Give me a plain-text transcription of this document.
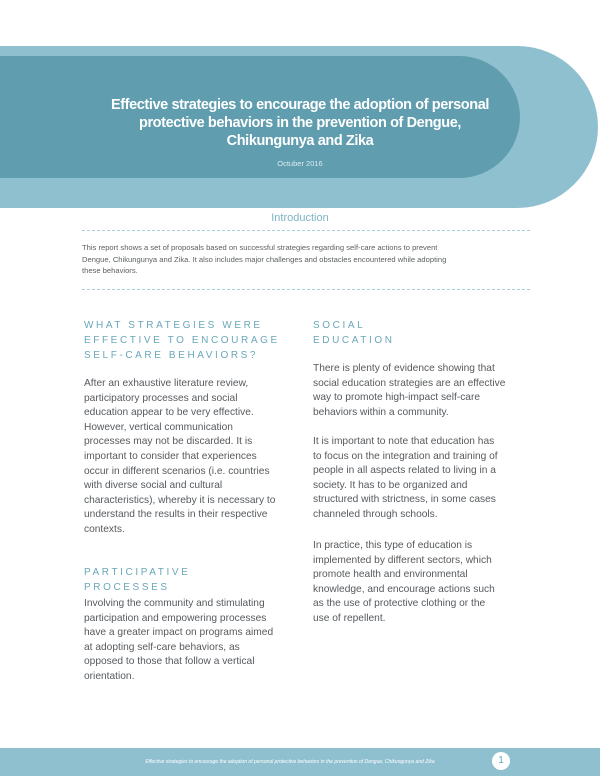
Effective strategies to encourage the adoption of personal
protective behaviors in the prevention of Dengue,
Chikungunya and Zika
Octuber 2016
Introduction
This report shows a set of proposals based on successful strategies regarding self-care actions to prevent
Dengue, Chikungunya and Zika. It also includes major challenges and obstacles encountered while adopting
these behaviors.
WHAT STRATEGIES WERE
EFFECTIVE TO ENCOURAGE
SELF-CARE BEHAVIORS?
After an exhaustive literature review,
participatory processes and social
education appear to be very effective.
However, vertical communication
processes may not be discarded. It is
important to consider that experiences
occur in different scenarios (i.e. countries
with diverse social and cultural
characteristics), whereby it is necessary to
understand the results in their respective
contexts.
PARTICIPATIVE
PROCESSES
Involving the community and stimulating
participation and empowering processes
have a greater impact on programs aimed
at adopting self-care behaviors, as
opposed to those that follow a vertical
orientation.
SOCIAL
EDUCATION
There is plenty of evidence showing that
social education strategies are an effective
way to promote high-impact self-care
behaviors within a community.
It is important to note that education has
to focus on the integration and training of
people in all aspects related to living in a
society. It has to be organized and
structured with strictness, in some cases
channeled through schools.
In practice, this type of education is
implemented by different sectors, which
promote health and environmental
knowledge, and encourage actions such
as the use of protective clothing or the
use of repellent.
Effective strategies to encourage the adoption of personal protective behaviors in the prevention of Dengue, Chikungunya and Zika	1
